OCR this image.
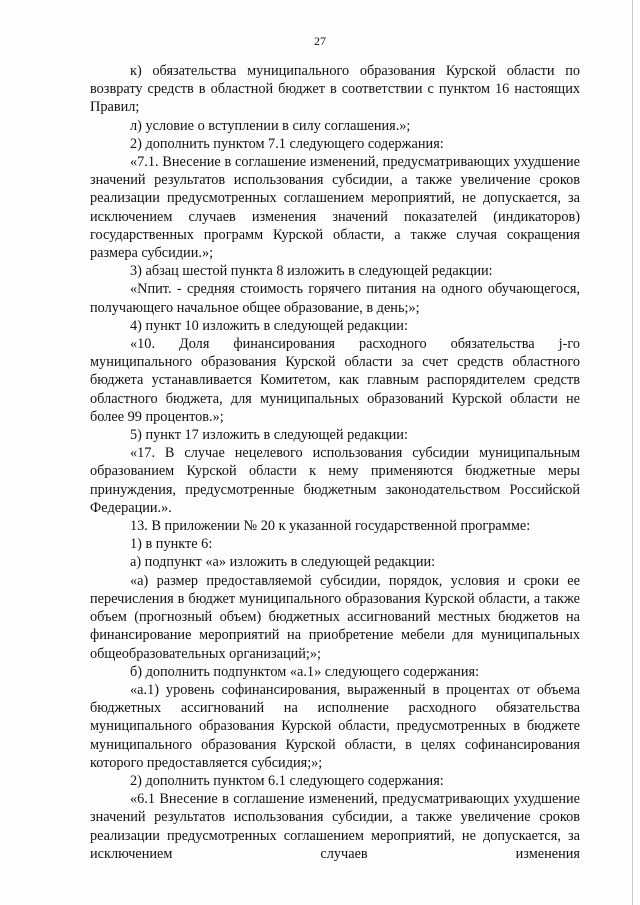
27

к) обязательства муниципального образования Курской области по возврату средств в областной бюджет в соответствии с пунктом 16 настоящих Правил;

л) условие о вступлении в силу соглашения.»;

2) дополнить пунктом 7.1 следующего содержания:

«7.1. Внесение в соглашение изменений, предусматривающих ухудшение значений результатов использования субсидии, а также увеличение сроков реализации предусмотренных соглашением мероприятий, не допускается, за исключением случаев изменения значений показателей (индикаторов) государственных программ Курской области, а также случая сокращения размера субсидии.»;

3) абзац шестой пункта 8 изложить в следующей редакции:

«Nпит. - средняя стоимость горячего питания на одного обучающегося, получающего начальное общее образование, в день;»;

4) пункт 10 изложить в следующей редакции:

«10. Доля финансирования расходного обязательства j-го муниципального образования Курской области за счет средств областного бюджета устанавливается Комитетом, как главным распорядителем средств областного бюджета, для муниципальных образований Курской области не более 99 процентов.»;

5) пункт 17 изложить в следующей редакции:

«17. В случае нецелевого использования субсидии муниципальным образованием Курской области к нему применяются бюджетные меры принуждения, предусмотренные бюджетным законодательством Российской Федерации.».

13. В приложении № 20 к указанной государственной программе:

1) в пункте 6:

а) подпункт «а» изложить в следующей редакции:

«а) размер предоставляемой субсидии, порядок, условия и сроки ее перечисления в бюджет муниципального образования Курской области, а также объем (прогнозный объем) бюджетных ассигнований местных бюджетов на финансирование мероприятий на приобретение мебели для муниципальных общеобразовательных организаций;»;

б) дополнить подпунктом «а.1» следующего содержания:

«а.1) уровень софинансирования, выраженный в процентах от объема бюджетных ассигнований на исполнение расходного обязательства муниципального образования Курской области, предусмотренных в бюджете муниципального образования Курской области, в целях софинансирования которого предоставляется субсидия;»;

2) дополнить пунктом 6.1 следующего содержания:

«6.1 Внесение в соглашение изменений, предусматривающих ухудшение значений результатов использования субсидии, а также увеличение сроков реализации предусмотренных соглашением мероприятий, не допускается, за исключением случаев изменения
